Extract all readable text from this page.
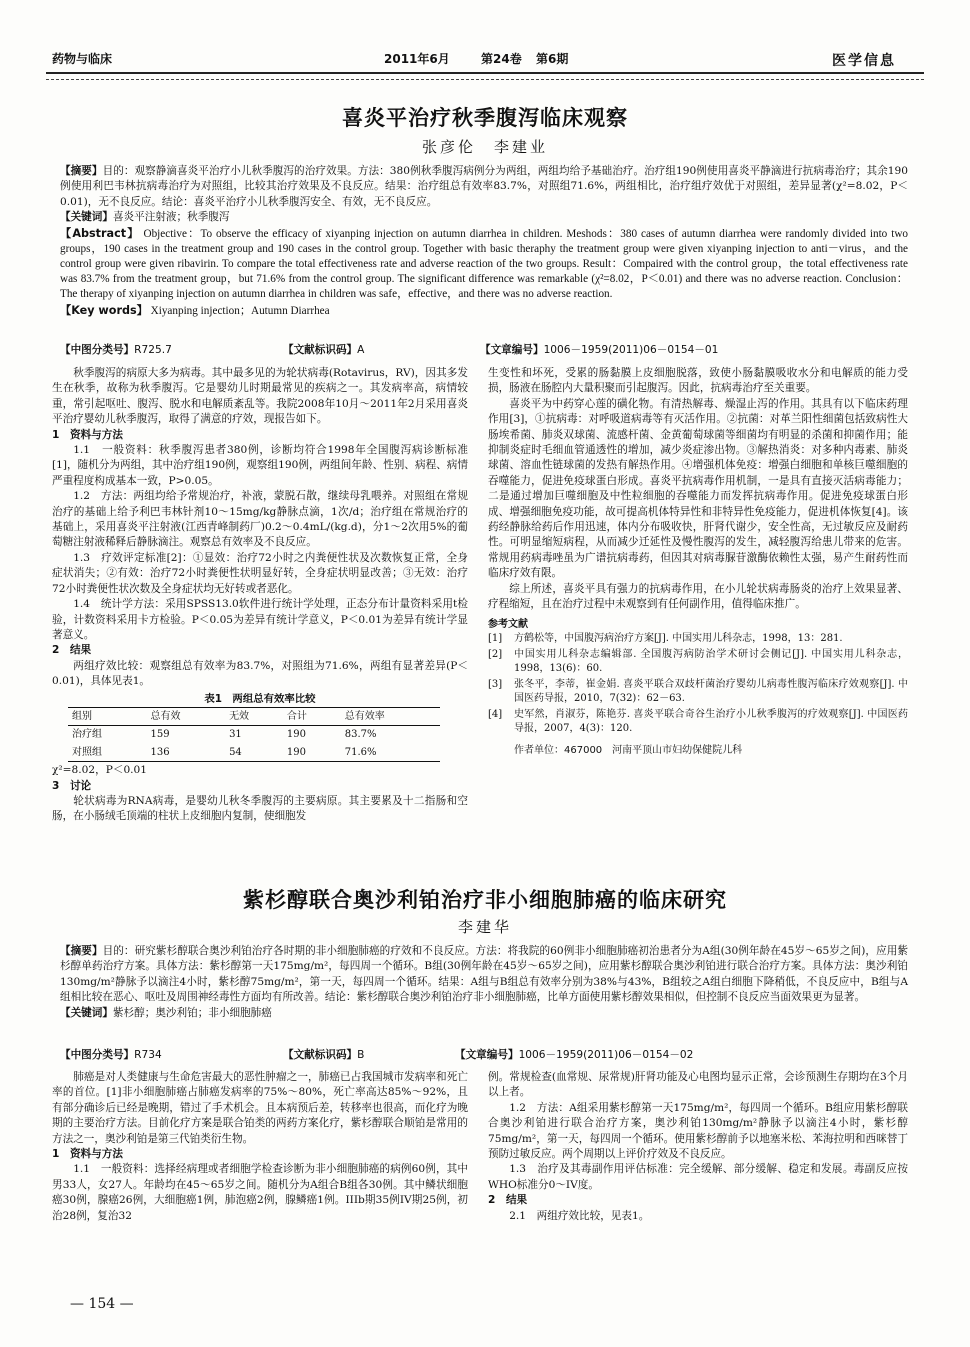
药物与临床	2011年6月	第24卷 第6期	医学信息
喜炎平治疗秋季腹泻临床观察
张彦伦　李建业

【摘要】目的：观察静滴喜炎平治疗小儿秋季腹泻的治疗效果。方法：380例秋季腹泻病例分为两组，两组均给予基础治疗。治疗组190例使用喜炎平静滴进行抗病毒治疗；其余190例使用利巴韦林抗病毒治疗为对照组，比较其治疗效果及不良反应。结果：治疗组总有效率83.7%，对照组71.6%，两组相比，治疗组疗效优于对照组，差异显著(χ²=8.02，P＜0.01)，无不良反应。结论：喜炎平治疗小儿秋季腹泻安全、有效，无不良反应。

【关键词】喜炎平注射液；秋季腹泻

【Abstract】 Objective：To observe the efficacy of xiyanping injection on autumn diarrhea in children. Meshods：380 cases of autumn diarrhea were randomly divided into two groups，190 cases in the treatment group and 190 cases in the control group. Together with basic theraphy the treatment group were given xiyanping injection to anti－virus，and the control group were given ribavirin. To compare the total effectiveness rate and adverse reaction of the two groups. Result：Compaired with the control group，the total effectiveness rate was 83.7% from the treatment group，but 71.6% from the control group. The significant difference was remarkable (χ²=8.02，P＜0.01) and there was no adverse reaction. Conclusion：The therapy of xiyanping injection on autumn diarrhea in children was safe，effective，and there was no adverse reaction.

【Key words】 Xiyanping injection；Autumn Diarrhea

【中图分类号】R725.7	【文献标识码】A	【文章编号】1006－1959(2011)06－0154－01

秋季腹泻的病原大多为病毒。其中最多见的为轮状病毒(Rotavirus，RV)，因其多发生在秋季，故称为秋季腹泻。它是婴幼儿时期最常见的疾病之一。其发病率高，病情较重，常引起呕吐、腹泻、脱水和电解质紊乱等。我院2008年10月～2011年2月采用喜炎平治疗婴幼儿秋季腹泻，取得了满意的疗效，现报告如下。

1　资料与方法

1.1　一般资料：秋季腹泻患者380例，诊断均符合1998年全国腹泻病诊断标准[1]，随机分为两组，其中治疗组190例，观察组190例，两组间年龄、性别、病程、病情严重程度构成基本一致，P>0.05。

1.2　方法：两组均给予常规治疗，补液，蒙脱石散，继续母乳喂养。对照组在常规治疗的基础上给予利巴韦林针剂10～15mg/kg静脉点滴，1次/d；治疗组在常规治疗的基础上，采用喜炎平注射液(江西青峰制药厂)0.2～0.4mL/(kg.d)，分1～2次用5%的葡萄糖注射液稀释后静脉滴注。观察总有效率及不良反应。

1.3　疗效评定标准[2]：①显效：治疗72小时之内粪便性状及次数恢复正常，全身症状消失；②有效：治疗72小时粪便性状明显好转，全身症状明显改善；③无效：治疗72小时粪便性状次数及全身症状均无好转或者恶化。

1.4　统计学方法：采用SPSS13.0软件进行统计学处理，正态分布计量资料采用t检验，计数资料采用卡方检验。P＜0.05为差异有统计学意义，P＜0.01为差异有统计学显著意义。

2　结果

两组疗效比较：观察组总有效率为83.7%，对照组为71.6%，两组有显著差异(P＜0.01)，具体见表1。

表1　两组总有效率比较
组别	总有效	无效	合计	总有效率
治疗组	159	31	190	83.7%
对照组	136	54	190	71.6%

χ²=8.02，P＜0.01

3　讨论

轮状病毒为RNA病毒，是婴幼儿秋冬季腹泻的主要病原。其主要累及十二指肠和空肠，在小肠绒毛顶端的柱状上皮细胞内复制，使细胞发

生变性和坏死，受累的肠黏膜上皮细胞脱落，致使小肠黏膜吸收水分和电解质的能力受损，肠液在肠腔内大量积聚而引起腹泻。因此，抗病毒治疗至关重要。

喜炎平为中药穿心莲的磺化物。有清热解毒、燥湿止泻的作用。其具有以下临床药理作用[3]，①抗病毒：对呼吸道病毒等有灭活作用。②抗菌：对革兰阳性细菌包括致病性大肠埃希菌、肺炎双球菌、流感杆菌、金黄葡萄球菌等细菌均有明显的杀菌和抑菌作用；能抑制炎症时毛细血管通透性的增加，减少炎症渗出物。③解热消炎：对多种内毒素、肺炎球菌、溶血性链球菌的发热有解热作用。④增强机体免疫：增强白细胞和单核巨噬细胞的吞噬能力，促进免疫球蛋白形成。喜炎平抗病毒作用机制，一是具有直接灭活病毒能力；二是通过增加巨噬细胞及中性粒细胞的吞噬能力而发挥抗病毒作用。促进免疫球蛋白形成、增强细胞免疫功能，故可提高机体特异性和非特异性免疫能力，促进机体恢复[4]。该药经静脉给药后作用迅速，体内分布吸收快，肝肾代谢少，安全性高，无过敏反应及耐药性。可明显缩短病程，从而减少迁延性及慢性腹泻的发生，减轻腹泻给患儿带来的危害。常规用药病毒唑虽为广谱抗病毒药，但因其对病毒脲苷激酶依赖性太强，易产生耐药性而临床疗效有限。

综上所述，喜炎平具有强力的抗病毒作用，在小儿轮状病毒肠炎的治疗上效果显著、疗程缩短，且在治疗过程中未观察到有任何副作用，值得临床推广。

参考文献

[1]	方鹤松等，中国腹泻病治疗方案[J]. 中国实用儿科杂志，1998，13：281.
[2]	中国实用儿科杂志编辑部. 全国腹泻病防治学术研讨会侧记[J]. 中国实用儿科杂志，1998，13(6)：60.
[3]	张冬平，李蒂，崔金娟. 喜炎平联合双歧杆菌治疗婴幼儿病毒性腹泻临床疗效观察[J]. 中国医药导报，2010，7(32)：62－63.
[4]	史军然，肖淑芬，陈艳芬. 喜炎平联合奇谷生治疗小儿秋季腹泻的疗效观察[J]. 中国医药导报，2007，4(3)：120.

作者单位：467000　河南平顶山市妇幼保健院儿科

紫杉醇联合奥沙利铂治疗非小细胞肺癌的临床研究
李建华

【摘要】目的：研究紫杉醇联合奥沙利铂治疗各时期的非小细胞肺癌的疗效和不良反应。方法：将我院的60例非小细胞肺癌初治患者分为A组(30例年龄在45岁～65岁之间)，应用紫杉醇单药治疗方案。具体方法：紫杉醇第一天175mg/m²，每四周一个循环。B组(30例年龄在45岁～65岁之间)，应用紫杉醇联合奥沙利铂进行联合治疗方案。具体方法：奥沙利铂130mg/m²静脉予以滴注4小时，紫杉醇75mg/m²，第一天，每四周一个循环。结果：A组与B组总有效率分别为38%与43%，B组较之A组白细胞下降稍低，不良反应中，B组与A组相比较在恶心、呕吐及周围神经毒性方面均有所改善。结论：紫杉醇联合奥沙利铂治疗非小细胞肺癌，比单方面使用紫杉醇效果相似，但控制不良反应当面效果更为显著。

【关键词】紫杉醇；奥沙利铂；非小细胞肺癌

【中图分类号】R734	【文献标识码】B	【文章编号】1006－1959(2011)06－0154－02

肺癌是对人类健康与生命危害最大的恶性肿瘤之一，肺癌已占我国城市发病率和死亡率的首位。[1]非小细胞肺癌占肺癌发病率的75%～80%，死亡率高达85%～92%，且有部分确诊后已经是晚期，错过了手术机会。且本病预后差，转移率也很高，而化疗为晚期的主要治疗方法。目前化疗方案是联合铂类的两药方案化疗，紫杉醇联合顺铂是常用的方法之一，奥沙利铂是第三代铂类衍生物。

1　资料与方法

1.1　一般资料：选择经病理或者细胞学检查诊断为非小细胞肺癌的病例60例，其中男33人，女27人。年龄均在45～65岁之间。随机分为A组合B组各30例。其中鳞状细胞癌30例，腺癌26例，大细胞癌1例，肺泡癌2例，腺鳞癌1例。IIIb期35例IV期25例，初治28例，复治32

例。常规检查(血常规、尿常规)肝肾功能及心电图均显示正常，会诊预测生存期均在3个月以上者。

1.2　方法：A组采用紫杉醇第一天175mg/m²，每四周一个循环。B组应用紫杉醇联合奥沙利铂进行联合治疗方案，奥沙利铂130mg/m²静脉予以滴注4小时，紫杉醇75mg/m²，第一天，每四周一个循环。使用紫杉醇前予以地塞米松、苯海拉明和西咪替丁预防过敏反应。两个周期以上评价疗效及不良反应。

1.3　治疗及其毒副作用评估标准：完全缓解、部分缓解、稳定和发展。毒副反应按WHO标准分0～IV度。

2　结果

2.1　两组疗效比较，见表1。

— 154 —
